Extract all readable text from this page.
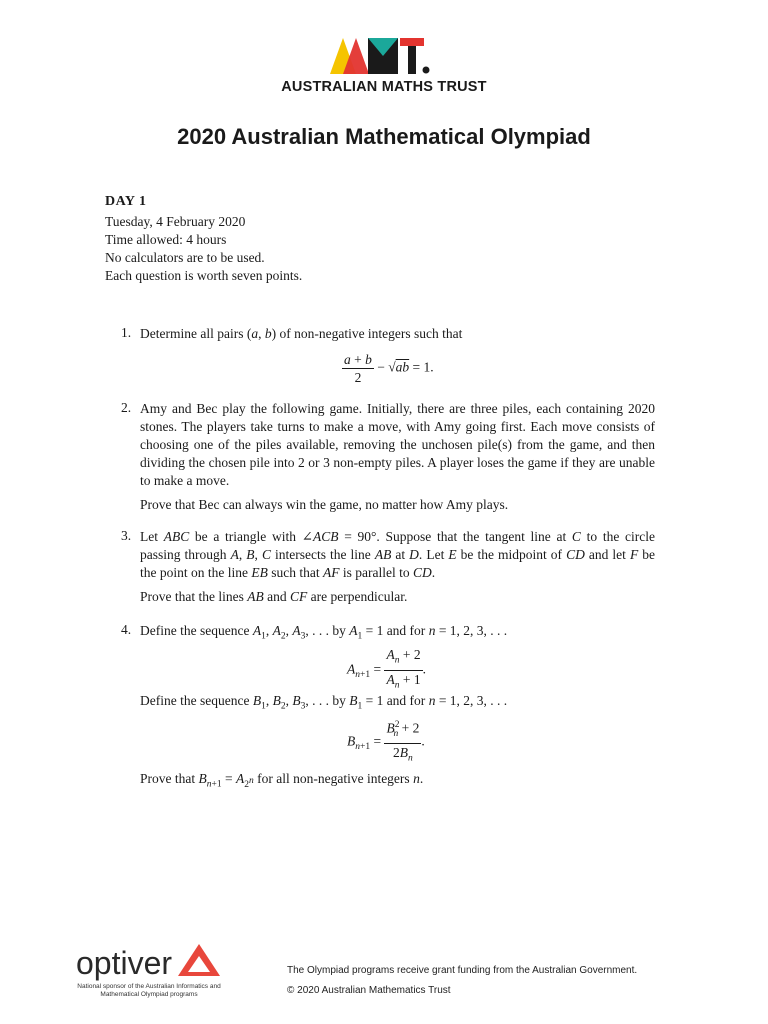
AUSTRALIAN MATHS TRUST
2020 Australian Mathematical Olympiad
DAY 1
Tuesday, 4 February 2020
Time allowed: 4 hours
No calculators are to be used.
Each question is worth seven points.
1. Determine all pairs (a, b) of non-negative integers such that
$\frac{a + b}{2} - √ab = 1$.
2. Amy and Bec play the following game. Initially, there are three piles, each containing 2020 stones. The players take turns to make a move, with Amy going first. Each move consists of choosing one of the piles available, removing the unchosen pile(s) from the game, and then dividing the chosen pile into 2 or 3 non-empty piles. A player loses the game if they are unable to make a move.
Prove that Bec can always win the game, no matter how Amy plays.
3. Let ABC be a triangle with ∠ACB = 90°. Suppose that the tangent line at C to the circle passing through A, B, C intersects the line AB at D. Let E be the midpoint of CD and let F be the point on the line EB such that AF is parallel to CD.
Prove that the lines AB and CF are perpendicular.
4. Define the sequence $A_1$, $A_2$, $A_3$, . . . by $A_1 = 1$ and for n = 1, 2, 3, . . .
$A_{n+1} = \frac{A_n + 2}{A_n + 1}$ .
Define the sequence $B_1$, $B_2$, $B_3$, . . . by $B_1 = 1$ and for n = 1, 2, 3, . . .
$B_{n+1} = \frac{B^2_n + 2}{2B_n}$ .
Prove that $B_{n+1} = A_{2^n}$ for all non-negative integers n.
optiver
National sponsor of the Australian Informatics and Mathematical Olympiad programs
The Olympiad programs receive grant funding from the Australian Government.
© 2020 Australian Mathematics Trust
